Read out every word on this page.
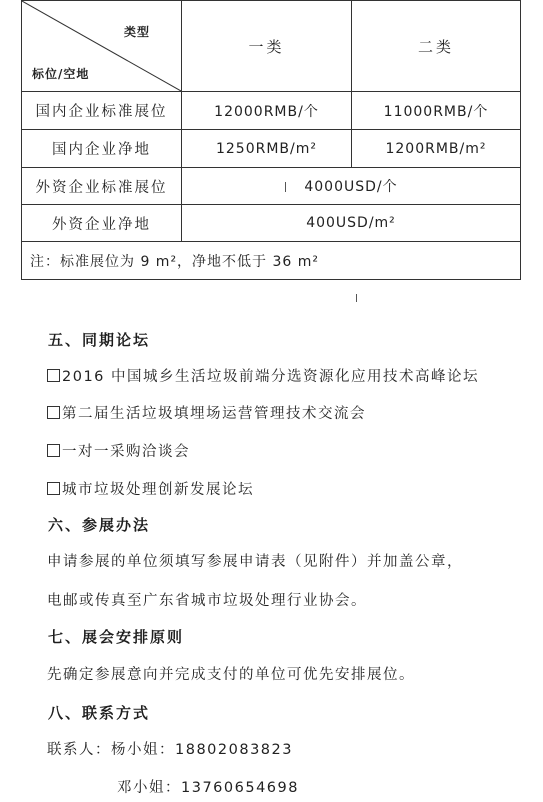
类型
标位/空地	一类	二类
国内企业标准展位	12000RMB/个	11000RMB/个
国内企业净地	1250RMB/m²	1200RMB/m²
外资企业标准展位	4000USD/个	
外资企业净地	400USD/m²	
注：标准展位为 9 m²，净地不低于 36 m²		
五、同期论坛
2016 中国城乡生活垃圾前端分选资源化应用技术高峰论坛
第二届生活垃圾填埋场运营管理技术交流会
一对一采购洽谈会
城市垃圾处理创新发展论坛
六、参展办法
申请参展的单位须填写参展申请表（见附件）并加盖公章，
电邮或传真至广东省城市垃圾处理行业协会。
七、展会安排原则
先确定参展意向并完成支付的单位可优先安排展位。
八、联系方式
联系人：杨小姐：18802083823
邓小姐：13760654698
